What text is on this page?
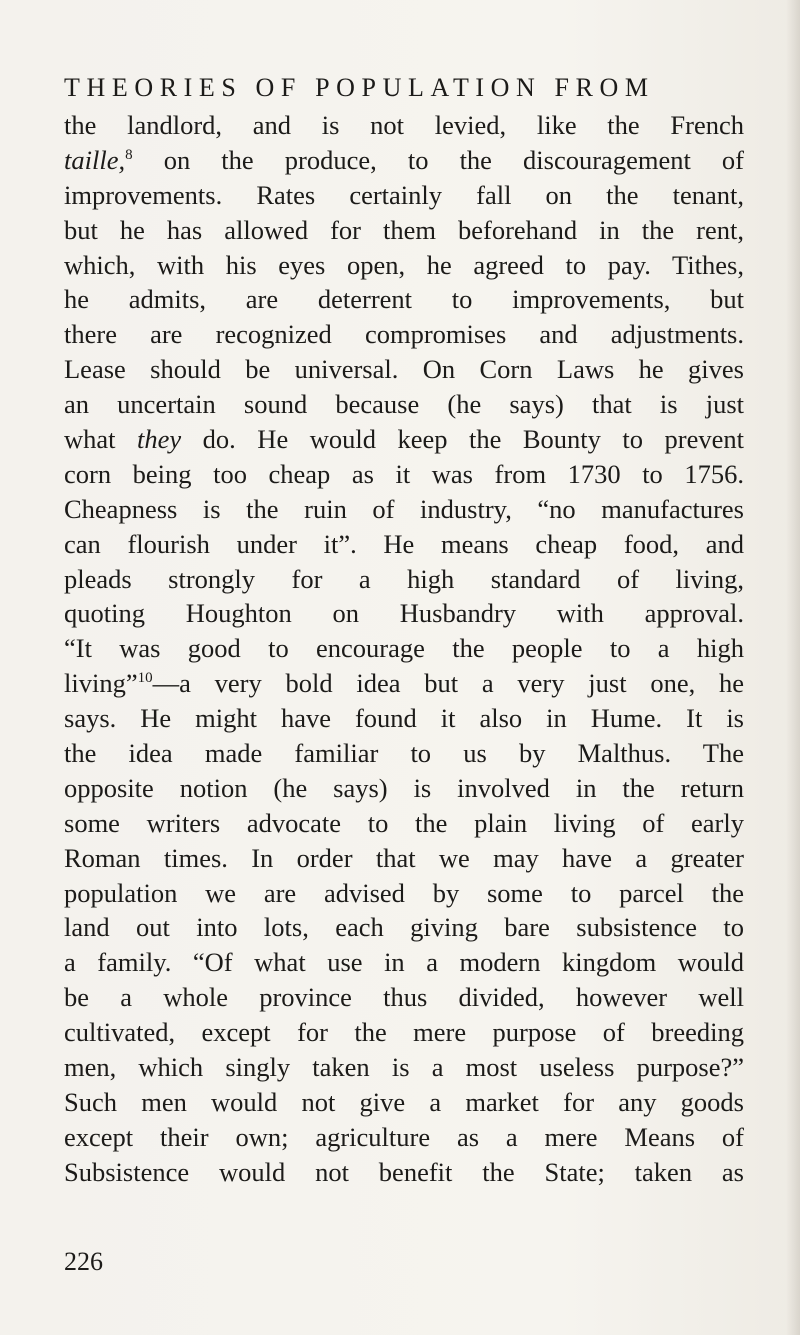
THEORIES OF POPULATION FROM
the landlord, and is not levied, like the French
taille,$^8$ on the produce, to the discouragement of
improvements. Rates certainly fall on the tenant,
but he has allowed for them beforehand in the rent,
which, with his eyes open, he agreed to pay. Tithes,
he admits, are deterrent to improvements, but
there are recognized compromises and adjustments.
Lease should be universal. On Corn Laws he gives
an uncertain sound because (he says) that is just
what they do. He would keep the Bounty to prevent
corn being too cheap as it was from 1730 to 1756.
Cheapness is the ruin of industry, “no manufactures
can flourish under it”. He means cheap food, and
pleads strongly for a high standard of living,
quoting Houghton on Husbandry with approval.
“It was good to encourage the people to a high
living”$^{10}$—a very bold idea but a very just one, he
says. He might have found it also in Hume. It is
the idea made familiar to us by Malthus. The
opposite notion (he says) is involved in the return
some writers advocate to the plain living of early
Roman times. In order that we may have a greater
population we are advised by some to parcel the
land out into lots, each giving bare subsistence to
a family. “Of what use in a modern kingdom would
be a whole province thus divided, however well
cultivated, except for the mere purpose of breeding
men, which singly taken is a most useless purpose?”
Such men would not give a market for any goods
except their own; agriculture as a mere Means of
Subsistence would not benefit the State; taken as
226
